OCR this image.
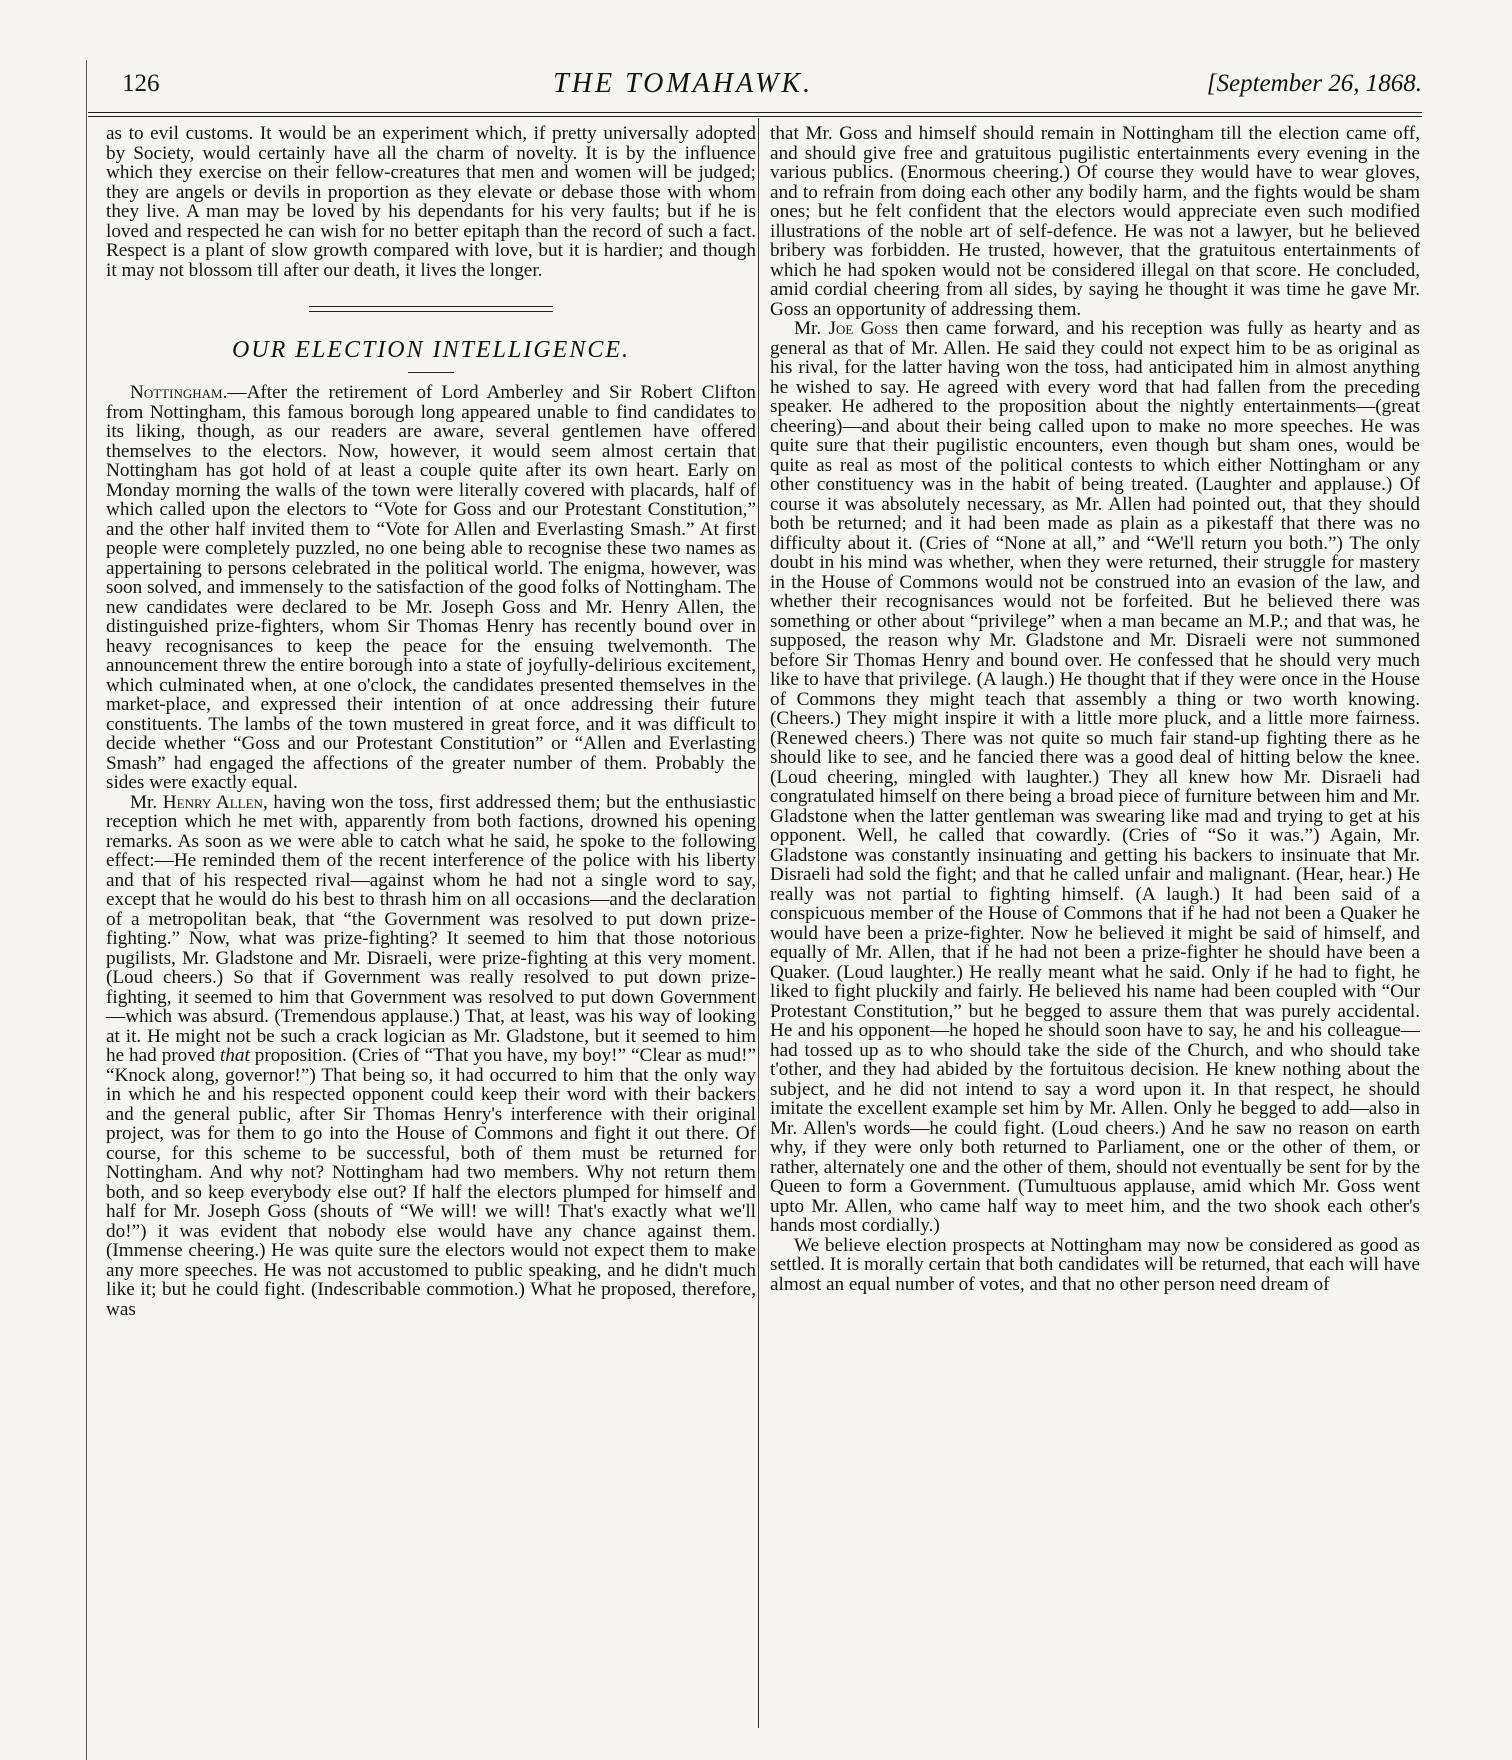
126	THE TOMAHAWK.	[September 26, 1868.

as to evil customs. It would be an experiment which, if pretty universally adopted by Society, would certainly have all the charm of novelty. It is by the influence which they exercise on their fellow-creatures that men and women will be judged; they are angels or devils in proportion as they elevate or debase those with whom they live. A man may be loved by his dependants for his very faults; but if he is loved and respected he can wish for no better epitaph than the record of such a fact. Respect is a plant of slow growth compared with love, but it is hardier; and though it may not blossom till after our death, it lives the longer.

OUR ELECTION INTELLIGENCE.

Nottingham.—After the retirement of Lord Amberley and Sir Robert Clifton from Nottingham, this famous borough long appeared unable to find candidates to its liking, though, as our readers are aware, several gentlemen have offered themselves to the electors. Now, however, it would seem almost certain that Nottingham has got hold of at least a couple quite after its own heart. Early on Monday morning the walls of the town were literally covered with placards, half of which called upon the electors to “Vote for Goss and our Protestant Constitution,” and the other half invited them to “Vote for Allen and Everlasting Smash.” At first people were completely puzzled, no one being able to recognise these two names as appertaining to persons celebrated in the political world. The enigma, however, was soon solved, and immensely to the satisfaction of the good folks of Nottingham. The new candidates were declared to be Mr. Joseph Goss and Mr. Henry Allen, the distinguished prize-fighters, whom Sir Thomas Henry has recently bound over in heavy recognisances to keep the peace for the ensuing twelvemonth. The announcement threw the entire borough into a state of joyfully-delirious excitement, which culminated when, at one o'clock, the candidates presented themselves in the market-place, and expressed their intention of at once addressing their future constituents. The lambs of the town mustered in great force, and it was difficult to decide whether “Goss and our Protestant Constitution” or “Allen and Everlasting Smash” had engaged the affections of the greater number of them. Probably the sides were exactly equal.

Mr. Henry Allen, having won the toss, first addressed them; but the enthusiastic reception which he met with, apparently from both factions, drowned his opening remarks. As soon as we were able to catch what he said, he spoke to the following effect:—He reminded them of the recent interference of the police with his liberty and that of his respected rival—against whom he had not a single word to say, except that he would do his best to thrash him on all occasions—and the declaration of a metropolitan beak, that “the Government was resolved to put down prize-fighting.” Now, what was prize-fighting? It seemed to him that those notorious pugilists, Mr. Gladstone and Mr. Disraeli, were prize-fighting at this very moment. (Loud cheers.) So that if Government was really resolved to put down prize-fighting, it seemed to him that Government was resolved to put down Government—which was absurd. (Tremendous applause.) That, at least, was his way of looking at it. He might not be such a crack logician as Mr. Gladstone, but it seemed to him he had proved that proposition. (Cries of “That you have, my boy!” “Clear as mud!” “Knock along, governor!”) That being so, it had occurred to him that the only way in which he and his respected opponent could keep their word with their backers and the general public, after Sir Thomas Henry's interference with their original project, was for them to go into the House of Commons and fight it out there. Of course, for this scheme to be successful, both of them must be returned for Nottingham. And why not? Nottingham had two members. Why not return them both, and so keep everybody else out? If half the electors plumped for himself and half for Mr. Joseph Goss (shouts of “We will! we will! That's exactly what we'll do!”) it was evident that nobody else would have any chance against them. (Immense cheering.) He was quite sure the electors would not expect them to make any more speeches. He was not accustomed to public speaking, and he didn't much like it; but he could fight. (Indescribable commotion.) What he proposed, therefore, was

that Mr. Goss and himself should remain in Nottingham till the election came off, and should give free and gratuitous pugilistic entertainments every evening in the various publics. (Enormous cheering.) Of course they would have to wear gloves, and to refrain from doing each other any bodily harm, and the fights would be sham ones; but he felt confident that the electors would appreciate even such modified illustrations of the noble art of self-defence. He was not a lawyer, but he believed bribery was forbidden. He trusted, however, that the gratuitous entertainments of which he had spoken would not be considered illegal on that score. He concluded, amid cordial cheering from all sides, by saying he thought it was time he gave Mr. Goss an opportunity of addressing them.

Mr. Joe Goss then came forward, and his reception was fully as hearty and as general as that of Mr. Allen. He said they could not expect him to be as original as his rival, for the latter having won the toss, had anticipated him in almost anything he wished to say. He agreed with every word that had fallen from the preceding speaker. He adhered to the proposition about the nightly entertainments—(great cheering)—and about their being called upon to make no more speeches. He was quite sure that their pugilistic encounters, even though but sham ones, would be quite as real as most of the political contests to which either Nottingham or any other constituency was in the habit of being treated. (Laughter and applause.) Of course it was absolutely necessary, as Mr. Allen had pointed out, that they should both be returned; and it had been made as plain as a pikestaff that there was no difficulty about it. (Cries of “None at all,” and “We'll return you both.”) The only doubt in his mind was whether, when they were returned, their struggle for mastery in the House of Commons would not be construed into an evasion of the law, and whether their recognisances would not be forfeited. But he believed there was something or other about “privilege” when a man became an M.P.; and that was, he supposed, the reason why Mr. Gladstone and Mr. Disraeli were not summoned before Sir Thomas Henry and bound over. He confessed that he should very much like to have that privilege. (A laugh.) He thought that if they were once in the House of Commons they might teach that assembly a thing or two worth knowing. (Cheers.) They might inspire it with a little more pluck, and a little more fairness. (Renewed cheers.) There was not quite so much fair stand-up fighting there as he should like to see, and he fancied there was a good deal of hitting below the knee. (Loud cheering, mingled with laughter.) They all knew how Mr. Disraeli had congratulated himself on there being a broad piece of furniture between him and Mr. Gladstone when the latter gentleman was swearing like mad and trying to get at his opponent. Well, he called that cowardly. (Cries of “So it was.”) Again, Mr. Gladstone was constantly insinuating and getting his backers to insinuate that Mr. Disraeli had sold the fight; and that he called unfair and malignant. (Hear, hear.) He really was not partial to fighting himself. (A laugh.) It had been said of a conspicuous member of the House of Commons that if he had not been a Quaker he would have been a prize-fighter. Now he believed it might be said of himself, and equally of Mr. Allen, that if he had not been a prize-fighter he should have been a Quaker. (Loud laughter.) He really meant what he said. Only if he had to fight, he liked to fight pluckily and fairly. He believed his name had been coupled with “Our Protestant Constitution,” but he begged to assure them that was purely accidental. He and his opponent—he hoped he should soon have to say, he and his colleague—had tossed up as to who should take the side of the Church, and who should take t'other, and they had abided by the fortuitous decision. He knew nothing about the subject, and he did not intend to say a word upon it. In that respect, he should imitate the excellent example set him by Mr. Allen. Only he begged to add—also in Mr. Allen's words—he could fight. (Loud cheers.) And he saw no reason on earth why, if they were only both returned to Parliament, one or the other of them, or rather, alternately one and the other of them, should not eventually be sent for by the Queen to form a Government. (Tumultuous applause, amid which Mr. Goss went upto Mr. Allen, who came half way to meet him, and the two shook each other's hands most cordially.)

We believe election prospects at Nottingham may now be considered as good as settled. It is morally certain that both candidates will be returned, that each will have almost an equal number of votes, and that no other person need dream of
